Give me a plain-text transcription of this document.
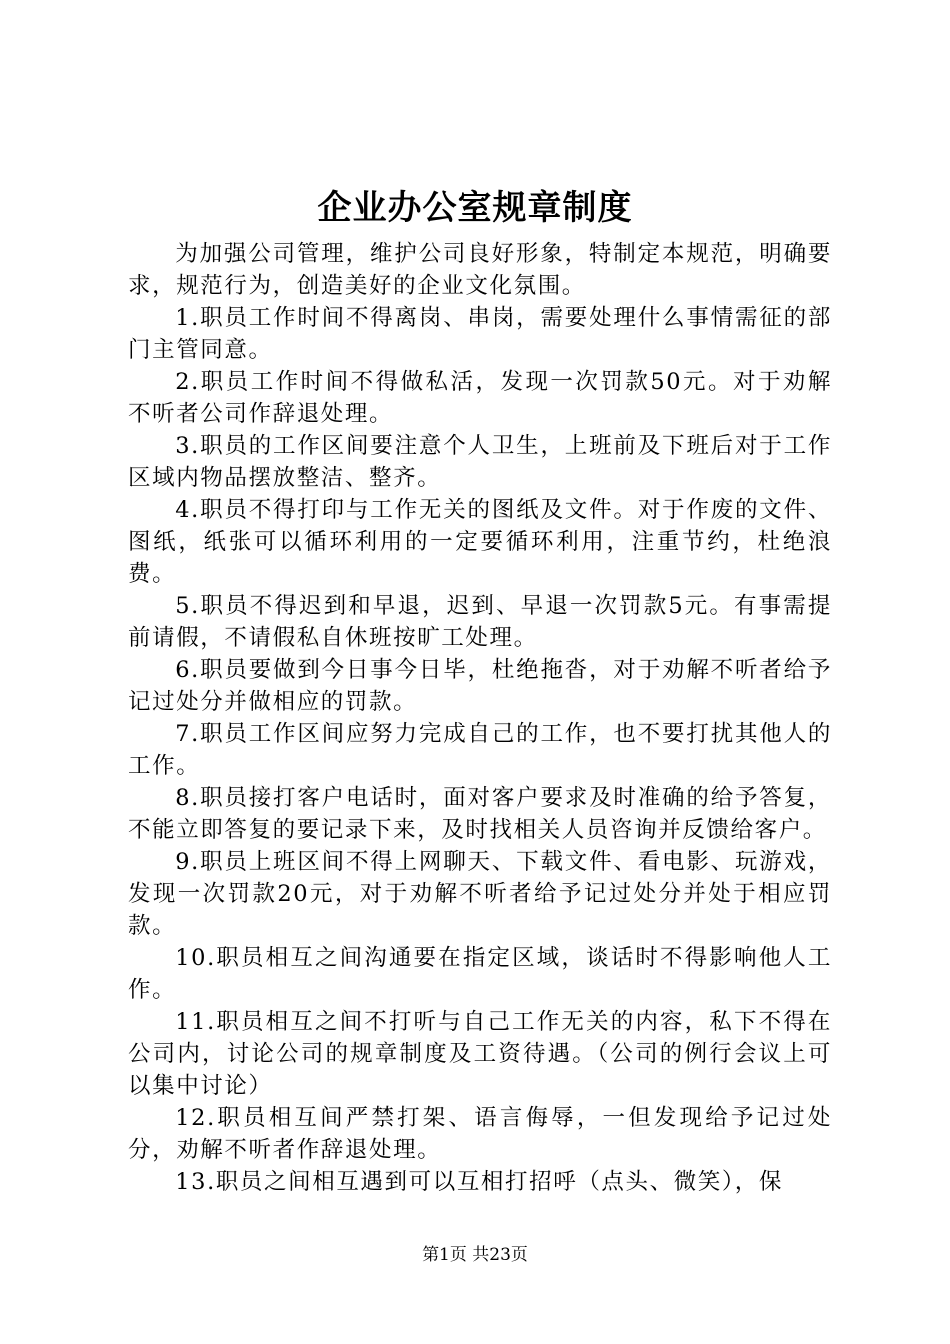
企业办公室规章制度

为加强公司管理，维护公司良好形象，特制定本规范，明确要求，规范行为，创造美好的企业文化氛围。

1.职员工作时间不得离岗、串岗，需要处理什么事情需征的部门主管同意。

2.职员工作时间不得做私活，发现一次罚款50元。对于劝解不听者公司作辞退处理。

3.职员的工作区间要注意个人卫生，上班前及下班后对于工作区域内物品摆放整洁、整齐。

4.职员不得打印与工作无关的图纸及文件。对于作废的文件、图纸，纸张可以循环利用的一定要循环利用，注重节约，杜绝浪费。

5.职员不得迟到和早退，迟到、早退一次罚款5元。有事需提前请假，不请假私自休班按旷工处理。

6.职员要做到今日事今日毕，杜绝拖沓，对于劝解不听者给予记过处分并做相应的罚款。

7.职员工作区间应努力完成自己的工作，也不要打扰其他人的工作。

8.职员接打客户电话时，面对客户要求及时准确的给予答复，不能立即答复的要记录下来，及时找相关人员咨询并反馈给客户。

9.职员上班区间不得上网聊天、下载文件、看电影、玩游戏，发现一次罚款20元，对于劝解不听者给予记过处分并处于相应罚款。

10.职员相互之间沟通要在指定区域，谈话时不得影响他人工作。

11.职员相互之间不打听与自己工作无关的内容，私下不得在公司内，讨论公司的规章制度及工资待遇。（公司的例行会议上可以集中讨论）

12.职员相互间严禁打架、语言侮辱，一但发现给予记过处分，劝解不听者作辞退处理。

13.职员之间相互遇到可以互相打招呼（点头、微笑），保

第1页 共23页
